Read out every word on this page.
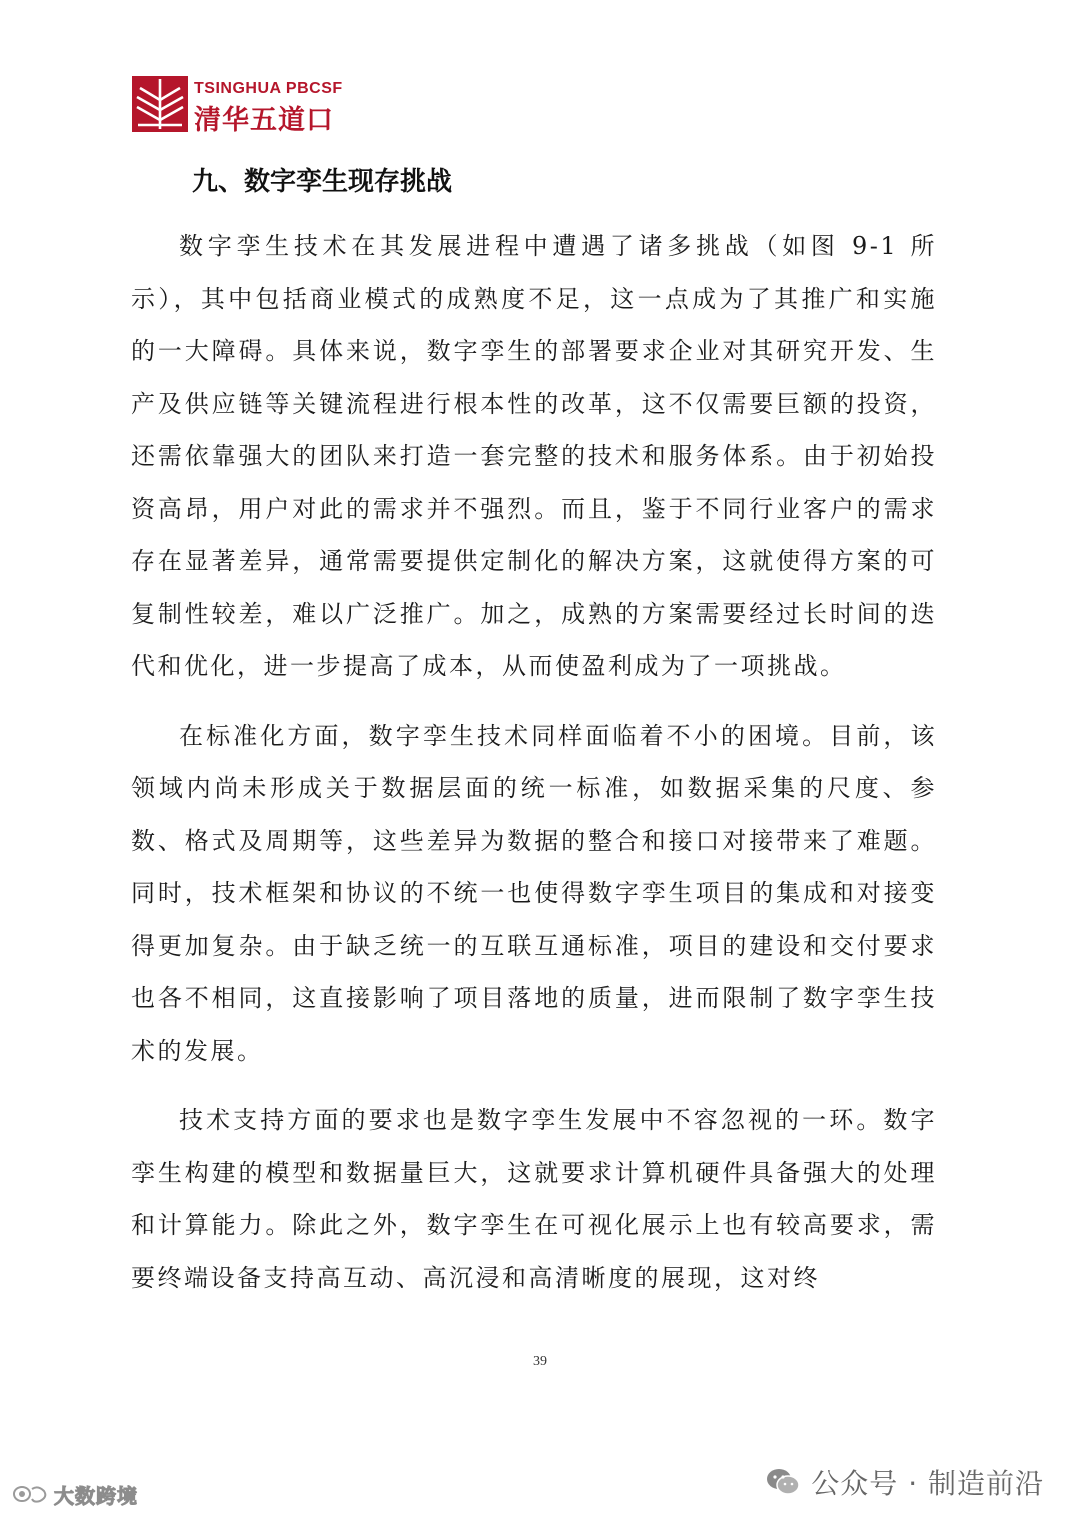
TSINGHUA PBCSF
清华五道口
九、数字孪生现存挑战

数字孪生技术在其发展进程中遭遇了诸多挑战（如图 9-1 所示），其中包括商业模式的成熟度不足，这一点成为了其推广和实施的一大障碍。具体来说，数字孪生的部署要求企业对其研究开发、生产及供应链等关键流程进行根本性的改革，这不仅需要巨额的投资，还需依靠强大的团队来打造一套完整的技术和服务体系。由于初始投资高昂，用户对此的需求并不强烈。而且，鉴于不同行业客户的需求存在显著差异，通常需要提供定制化的解决方案，这就使得方案的可复制性较差，难以广泛推广。加之，成熟的方案需要经过长时间的迭代和优化，进一步提高了成本，从而使盈利成为了一项挑战。

在标准化方面，数字孪生技术同样面临着不小的困境。目前，该领域内尚未形成关于数据层面的统一标准，如数据采集的尺度、参数、格式及周期等，这些差异为数据的整合和接口对接带来了难题。同时，技术框架和协议的不统一也使得数字孪生项目的集成和对接变得更加复杂。由于缺乏统一的互联互通标准，项目的建设和交付要求也各不相同，这直接影响了项目落地的质量，进而限制了数字孪生技术的发展。

技术支持方面的要求也是数字孪生发展中不容忽视的一环。数字孪生构建的模型和数据量巨大，这就要求计算机硬件具备强大的处理和计算能力。除此之外，数字孪生在可视化展示上也有较高要求，需要终端设备支持高互动、高沉浸和高清晰度的展现，这对终

39
大数跨境	公众号 · 制造前沿
